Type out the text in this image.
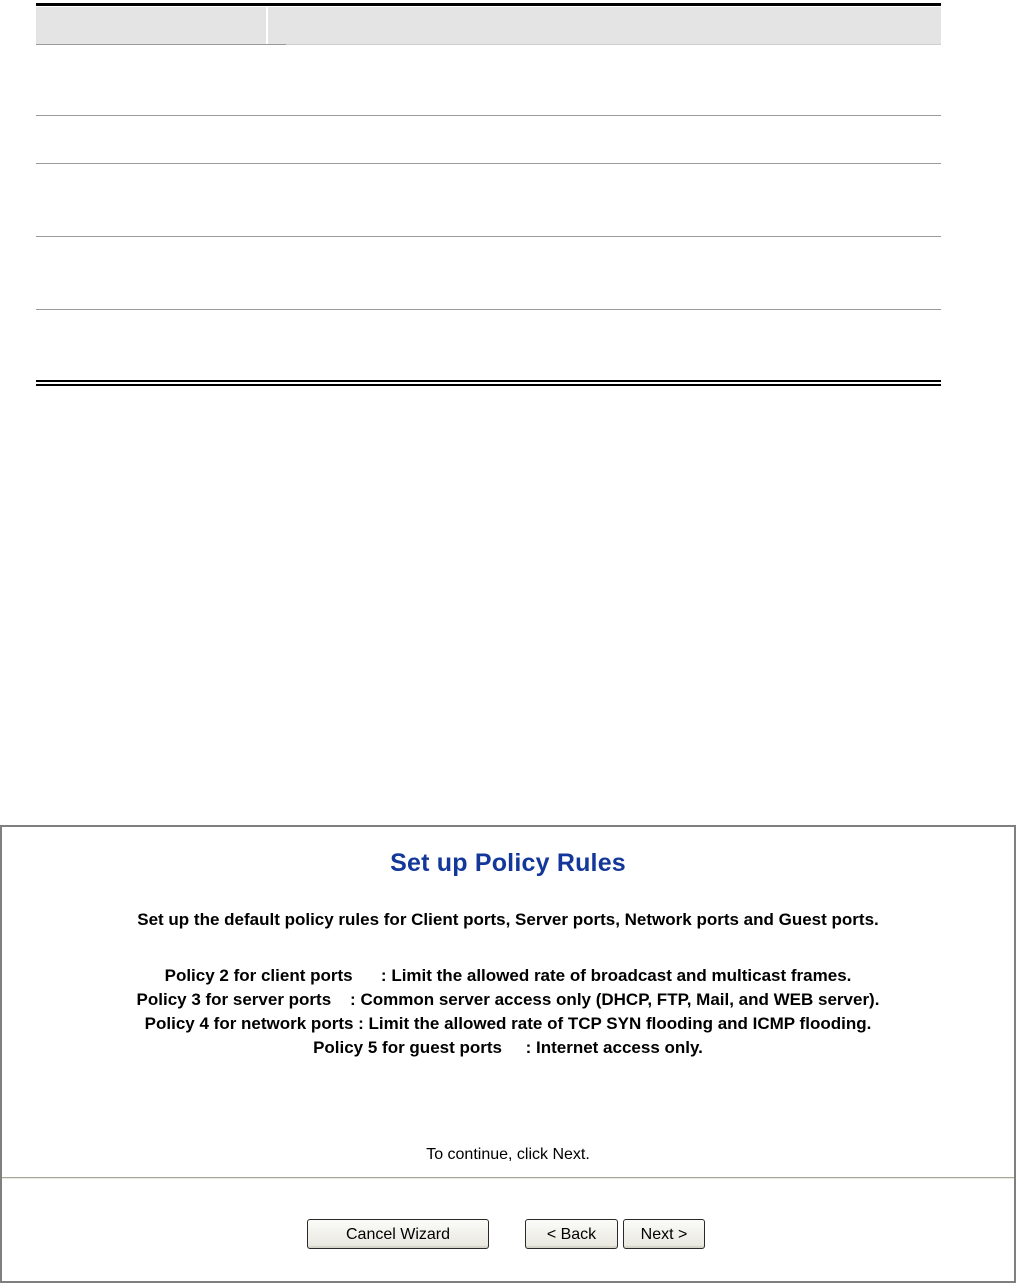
Set up Policy Rules
Set up the default policy rules for Client ports, Server ports, Network ports and Guest ports.
Policy 2 for client ports      : Limit the allowed rate of broadcast and multicast frames.
Policy 3 for server ports    : Common server access only (DHCP, FTP, Mail, and WEB server).
Policy 4 for network ports : Limit the allowed rate of TCP SYN flooding and ICMP flooding.
Policy 5 for guest ports     : Internet access only.
To continue, click Next.
Cancel Wizard	< Back	Next >
